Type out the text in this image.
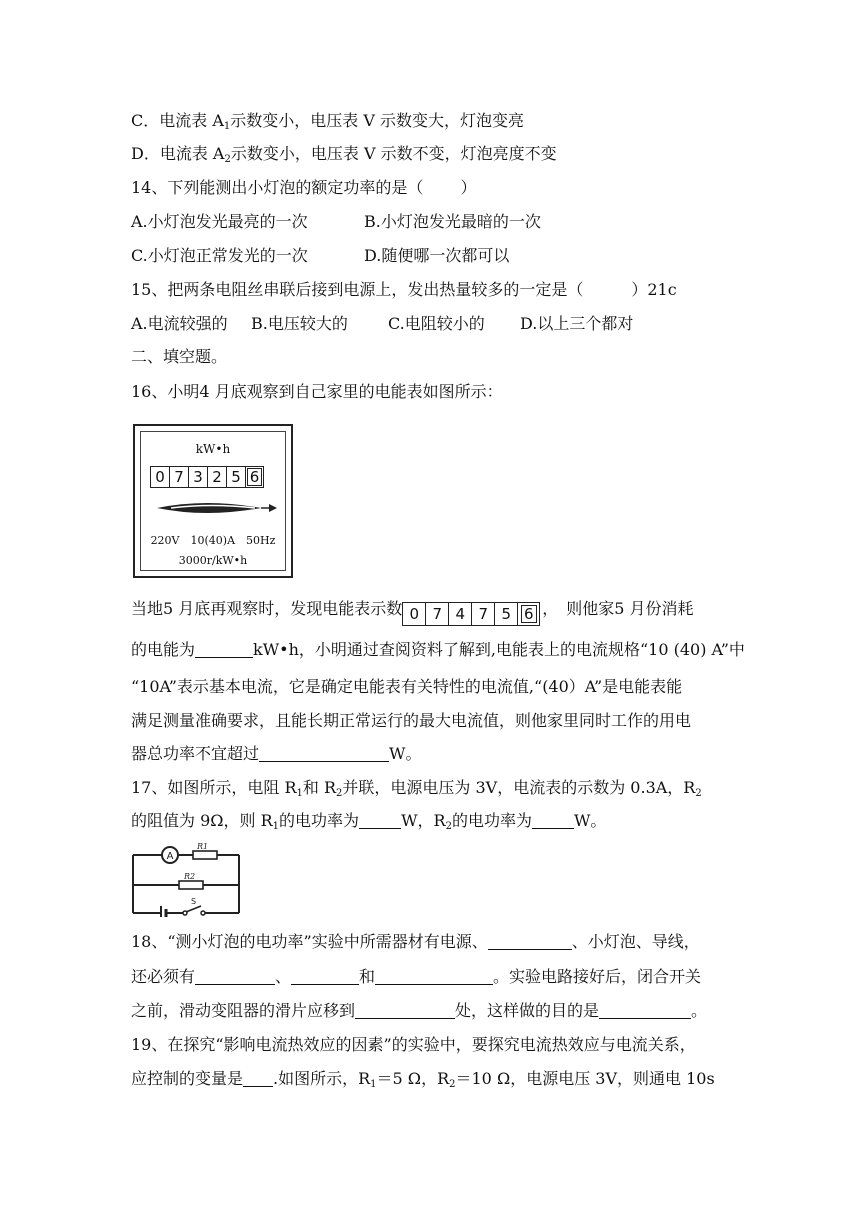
C．电流表 $A_1$示数变小，电压表 V 示数变大，灯泡变亮
D．电流表 $A_2$示数变小，电压表 V 示数不变，灯泡亮度不变
14、下列能测出小灯泡的额定功率的是（　　 ）
A.小灯泡发光最亮的一次	B.小灯泡发光最暗的一次
C.小灯泡正常发光的一次	D.随便哪一次都可以
15、把两条电阻丝串联后接到电源上，发出热量较多的一定是（　　　）21c
A.电流较强的 B.电压较大的	C.电阻较小的 D.以上三个都对
二、填空题。
16、小明4 月底观察到自己家里的电能表如图所示：
kW•h
0 7 3 2 5 6
220V　10(40)A　50Hz
3000r/kW•h
当地5 月底再观察时，发现电能表示数 0 7 4 7 5 6 ，　则他家5 月份消耗
的电能为	kW•h，小明通过查阅资料了解到,电能表上的电流规格“10 (40) A”中
“10A”表示基本电流，它是确定电能表有关特性的电流值,“(40）A”是电能表能
满足测量准确要求，且能长期正常运行的最大电流值，则他家里同时工作的用电
器总功率不宜超过	W。
17、如图所示，电阻 $R_1$和 $R_2$并联，电源电压为 3V，电流表的示数为 0.3A，$R_2$
的阻值为 9Ω，则 $R_1$的电功率为	W，$R_2$的电功率为	W。
A
R1
R2
S
18、“测小灯泡的电功率”实验中所需器材有电源、	、小灯泡、导线，
还必须有	、	和	。实验电路接好后，闭合开关
之前，滑动变阻器的滑片应移到	处，这样做的目的是	。
19、在探究“影响电流热效应的因素”的实验中，要探究电流热效应与电流关系，
应控制的变量是 .如图所示，$R_1=5$ Ω，$R_2=10$ Ω，电源电压 3V，则通电 10s
